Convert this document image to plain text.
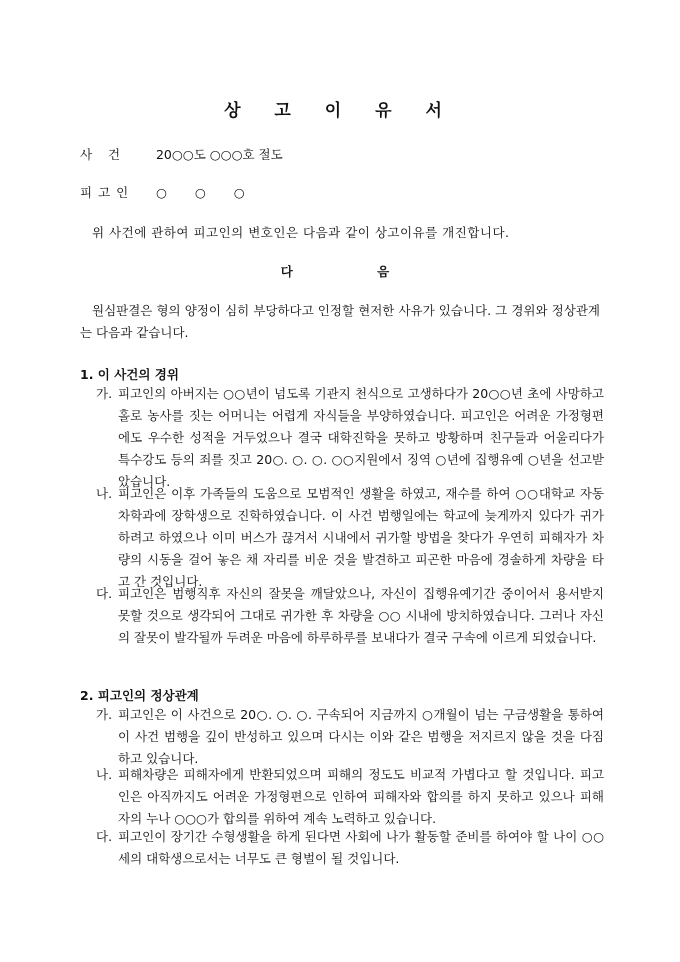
상 고 이 유 서
사 건 20○○도 ○○○호 절도
피고인 ○ ○ ○
위 사건에 관하여 피고인의 변호인은 다음과 같이 상고이유를 개진합니다.
다 음
원심판결은 형의 양정이 심히 부당하다고 인정할 현저한 사유가 있습니다. 그 경위와 정상관계는 다음과 같습니다.
1. 이 사건의 경위
가. 피고인의 아버지는 ○○년이 넘도록 기관지 천식으로 고생하다가 20○○년 초에 사망하고 홀로 농사를 짓는 어머니는 어렵게 자식들을 부양하였습니다. 피고인은 어려운 가정형편에도 우수한 성적을 거두었으나 결국 대학진학을 못하고 방황하며 친구들과 어울리다가 특수강도 등의 죄를 짓고 20○. ○. ○. ○○지원에서 징역 ○년에 집행유예 ○년을 선고받았습니다.
나. 피고인은 이후 가족들의 도움으로 모범적인 생활을 하였고, 재수를 하여 ○○대학교 자동차학과에 장학생으로 진학하였습니다. 이 사건 범행일에는 학교에 늦게까지 있다가 귀가하려고 하였으나 이미 버스가 끊겨서 시내에서 귀가할 방법을 찾다가 우연히 피해자가 차량의 시동을 걸어 놓은 채 자리를 비운 것을 발견하고 피곤한 마음에 경솔하게 차량을 타고 간 것입니다.
다. 피고인은 범행직후 자신의 잘못을 깨달았으나, 자신이 집행유예기간 중이어서 용서받지 못할 것으로 생각되어 그대로 귀가한 후 차량을 ○○ 시내에 방치하였습니다. 그러나 자신의 잘못이 발각될까 두려운 마음에 하루하루를 보내다가 결국 구속에 이르게 되었습니다.
2. 피고인의 정상관계
가. 피고인은 이 사건으로 20○. ○. ○. 구속되어 지금까지 ○개월이 넘는 구금생활을 통하여 이 사건 범행을 깊이 반성하고 있으며 다시는 이와 같은 범행을 저지르지 않을 것을 다짐하고 있습니다.
나. 피해차량은 피해자에게 반환되었으며 피해의 정도도 비교적 가볍다고 할 것입니다. 피고인은 아직까지도 어려운 가정형편으로 인하여 피해자와 합의를 하지 못하고 있으나 피해자의 누나 ○○○가 합의를 위하여 계속 노력하고 있습니다.
다. 피고인이 장기간 수형생활을 하게 된다면 사회에 나가 활동할 준비를 하여야 할 나이 ○○세의 대학생으로서는 너무도 큰 형벌이 될 것입니다.
